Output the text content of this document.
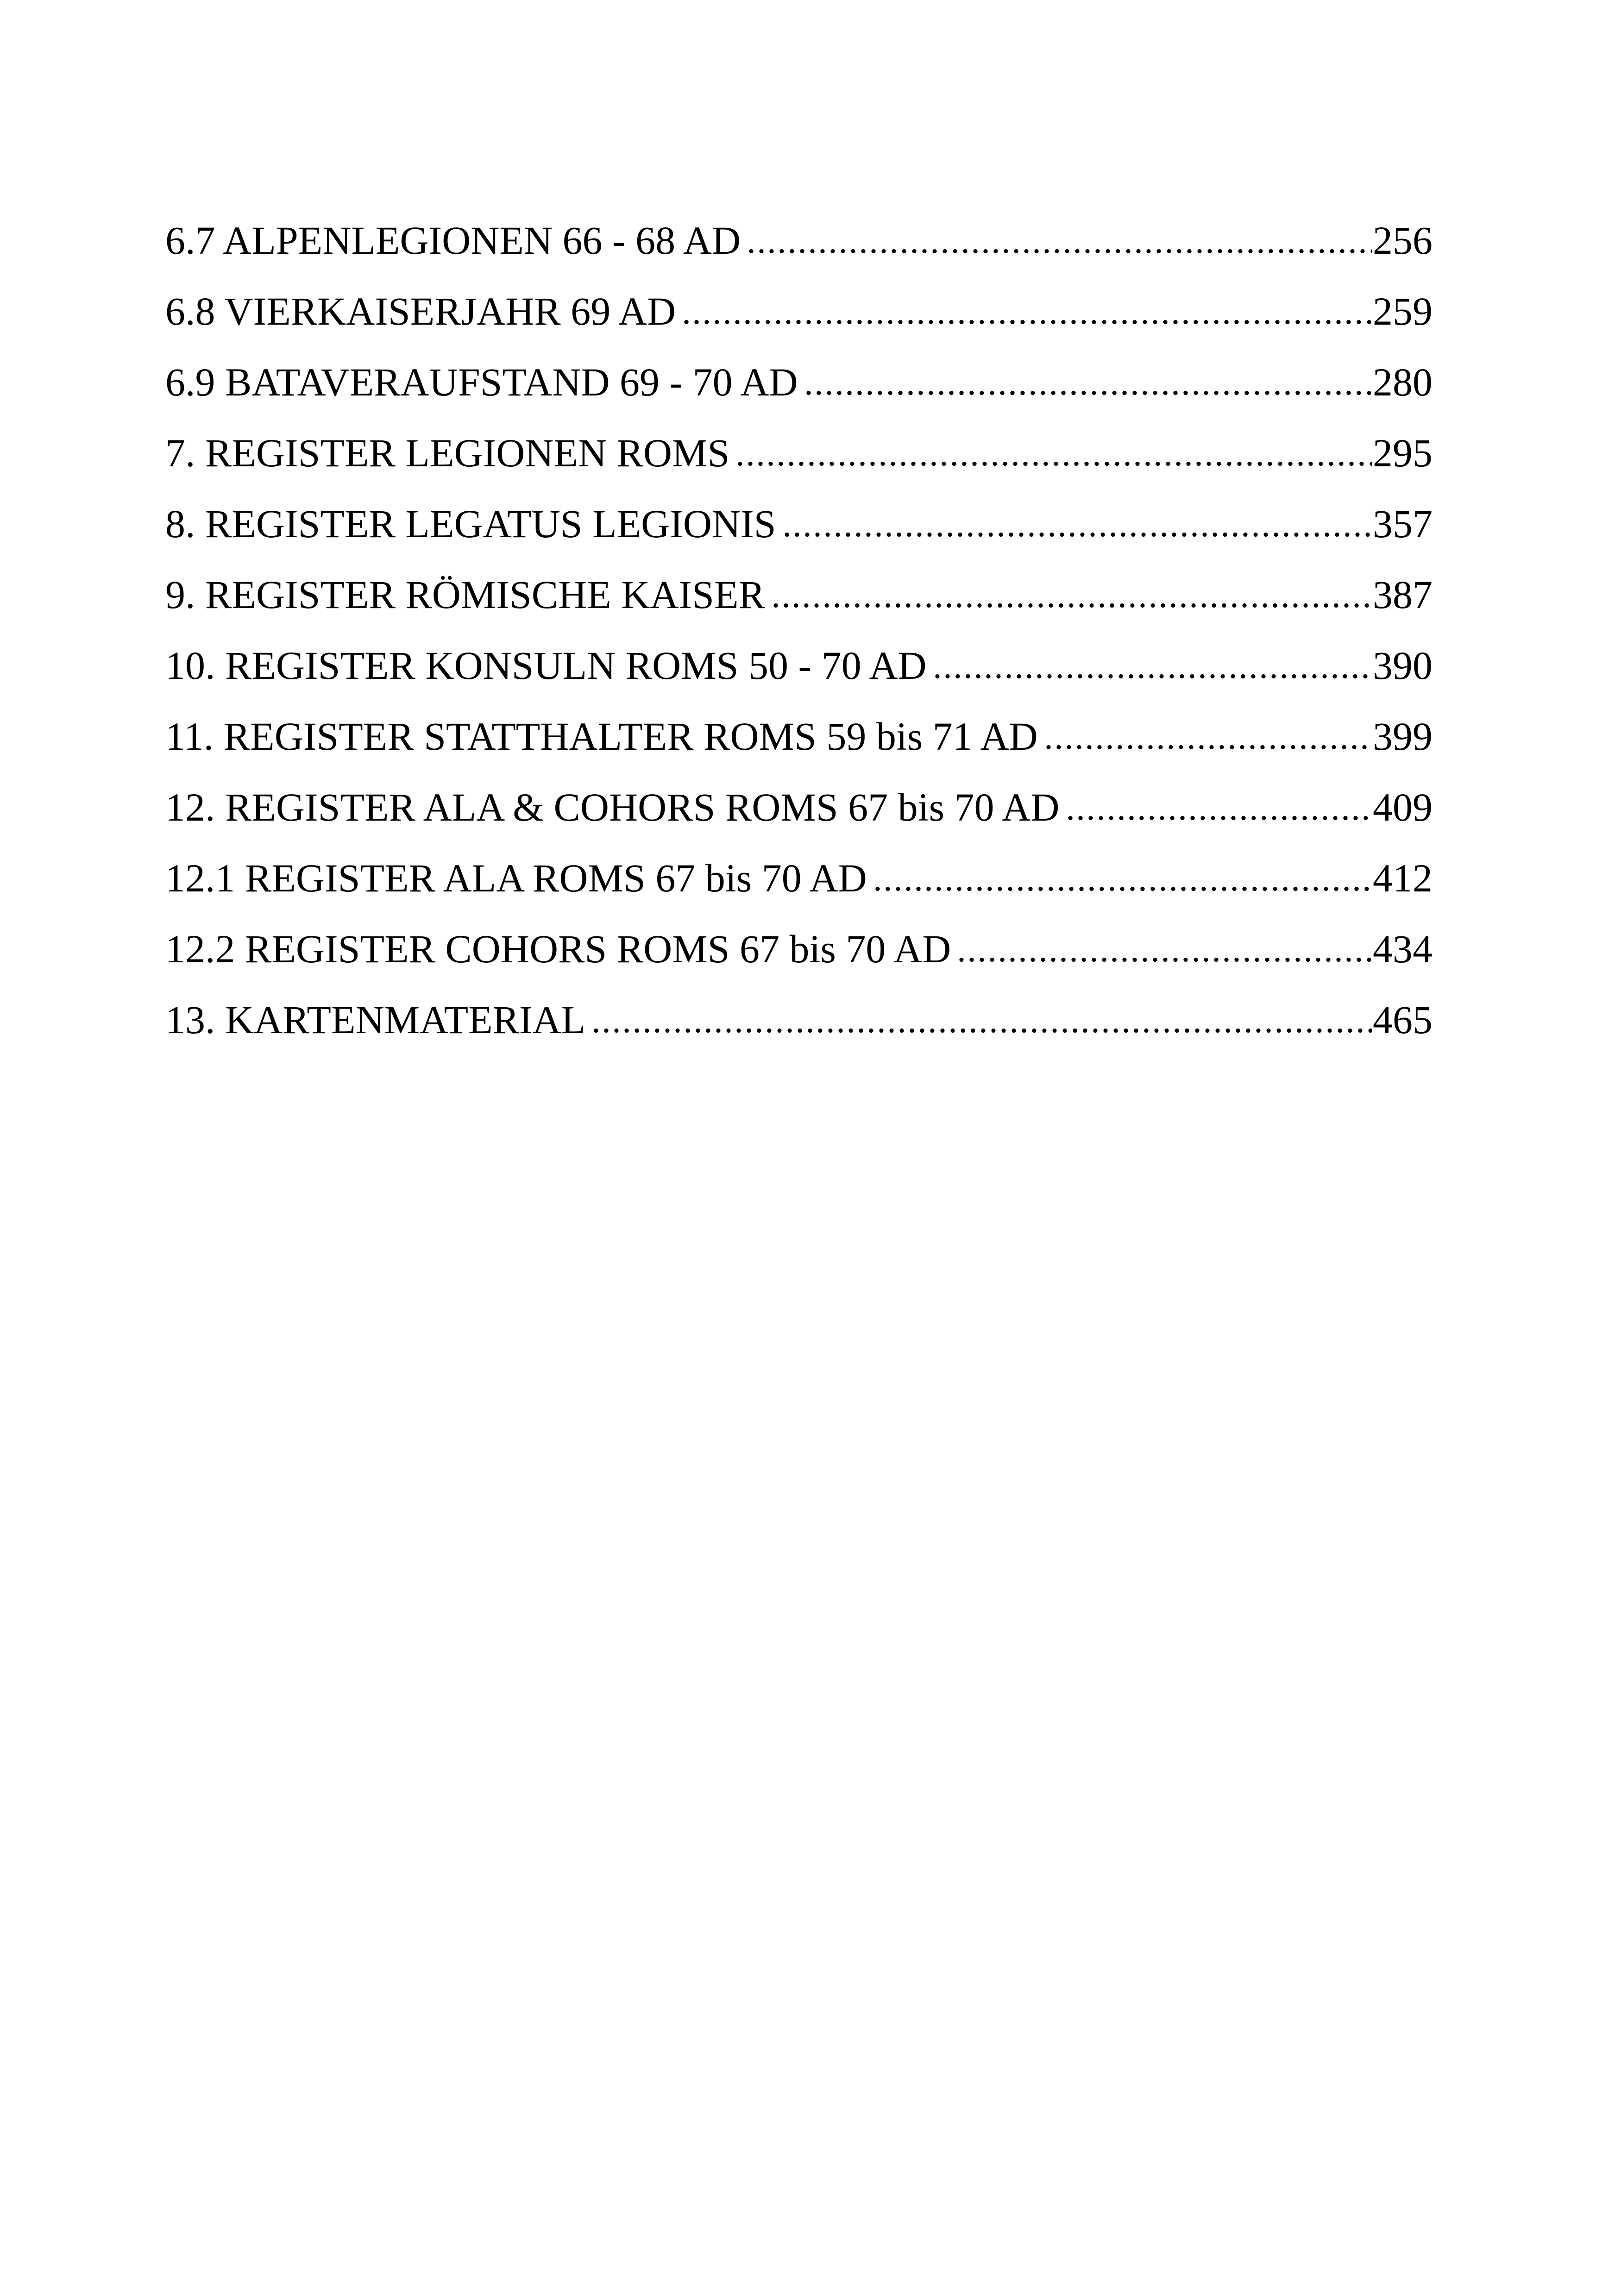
6.7 ALPENLEGIONEN 66 - 68 AD	256
6.8 VIERKAISERJAHR 69 AD	259
6.9 BATAVERAUFSTAND 69 - 70 AD	280
7. REGISTER LEGIONEN ROMS	295
8. REGISTER LEGATUS LEGIONIS	357
9. REGISTER RÖMISCHE KAISER	387
10. REGISTER KONSULN ROMS 50 - 70 AD	390
11. REGISTER STATTHALTER ROMS 59 bis 71 AD	399
12. REGISTER ALA & COHORS ROMS 67 bis 70 AD	409
12.1 REGISTER ALA ROMS 67 bis 70 AD	412
12.2 REGISTER COHORS ROMS 67 bis 70 AD	434
13. KARTENMATERIAL	465
